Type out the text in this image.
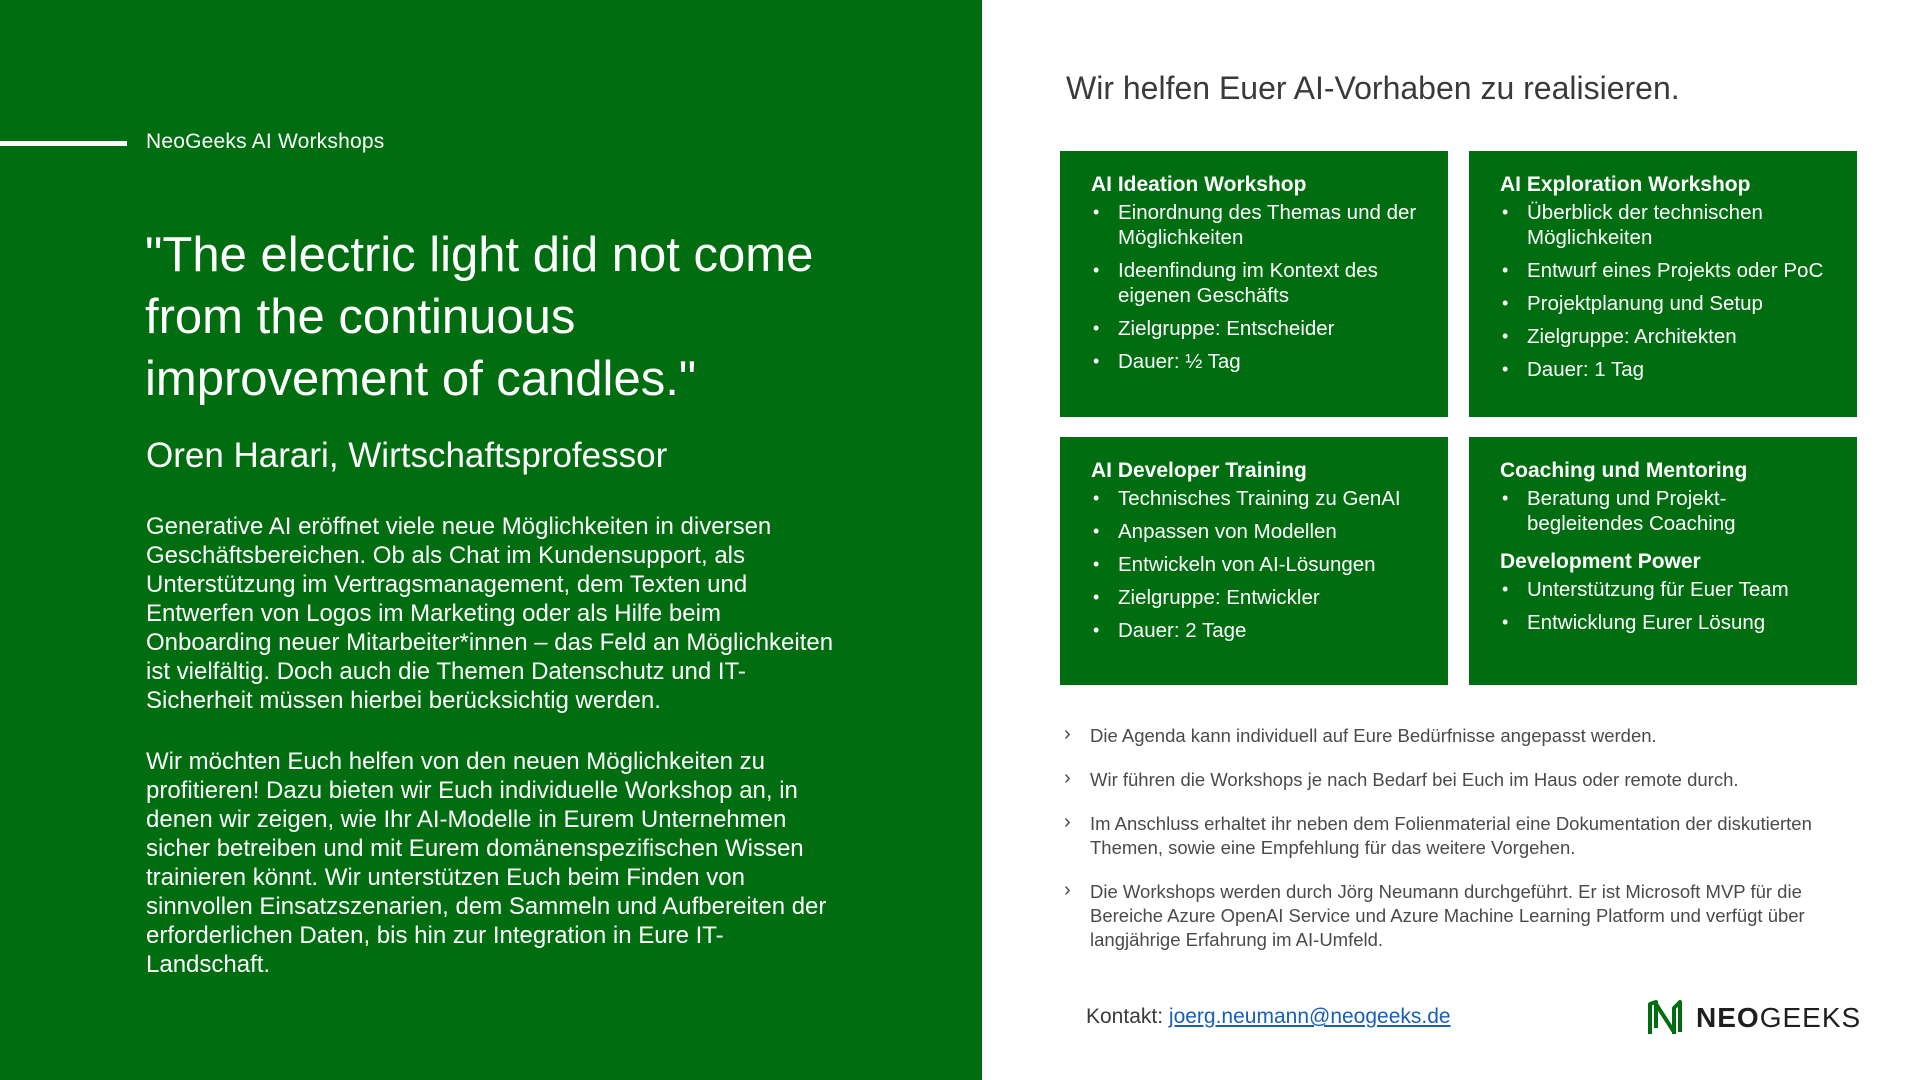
NeoGeeks AI Workshops
"The electric light did not come from the continuous improvement of candles."
Oren Harari, Wirtschaftsprofessor
Generative AI eröffnet viele neue Möglichkeiten in diversen Geschäftsbereichen. Ob als Chat im Kundensupport, als Unterstützung im Vertragsmanagement, dem Texten und Entwerfen von Logos im Marketing oder als Hilfe beim Onboarding neuer Mitarbeiter*innen – das Feld an Möglichkeiten ist vielfältig. Doch auch die Themen Datenschutz und IT-Sicherheit müssen hierbei berücksichtig werden.
Wir möchten Euch helfen von den neuen Möglichkeiten zu profitieren! Dazu bieten wir Euch individuelle Workshop an, in denen wir zeigen, wie Ihr AI-Modelle in Eurem Unternehmen sicher betreiben und mit Eurem domänenspezifischen Wissen trainieren könnt. Wir unterstützen Euch beim Finden von sinnvollen Einsatzszenarien, dem Sammeln und Aufbereiten der erforderlichen Daten, bis hin zur Integration in Eure IT-Landschaft.
Wir helfen Euer AI-Vorhaben zu realisieren.
AI Ideation Workshop
• Einordnung des Themas und der Möglichkeiten
• Ideenfindung im Kontext des eigenen Geschäfts
• Zielgruppe: Entscheider
• Dauer: ½ Tag
AI Exploration Workshop
• Überblick der technischen Möglichkeiten
• Entwurf eines Projekts oder PoC
• Projektplanung und Setup
• Zielgruppe: Architekten
• Dauer: 1 Tag
AI Developer Training
• Technisches Training zu GenAI
• Anpassen von Modellen
• Entwickeln von AI-Lösungen
• Zielgruppe: Entwickler
• Dauer: 2 Tage
Coaching und Mentoring
• Beratung und Projekt-begleitendes Coaching
Development Power
• Unterstützung für Euer Team
• Entwicklung Eurer Lösung
› Die Agenda kann individuell auf Eure Bedürfnisse angepasst werden.
› Wir führen die Workshops je nach Bedarf bei Euch im Haus oder remote durch.
› Im Anschluss erhaltet ihr neben dem Folienmaterial eine Dokumentation der diskutierten Themen, sowie eine Empfehlung für das weitere Vorgehen.
› Die Workshops werden durch Jörg Neumann durchgeführt. Er ist Microsoft MVP für die Bereiche Azure OpenAI Service und Azure Machine Learning Platform und verfügt über langjährige Erfahrung im AI-Umfeld.
Kontakt: joerg.neumann@neogeeks.de	NEOGEEKS
